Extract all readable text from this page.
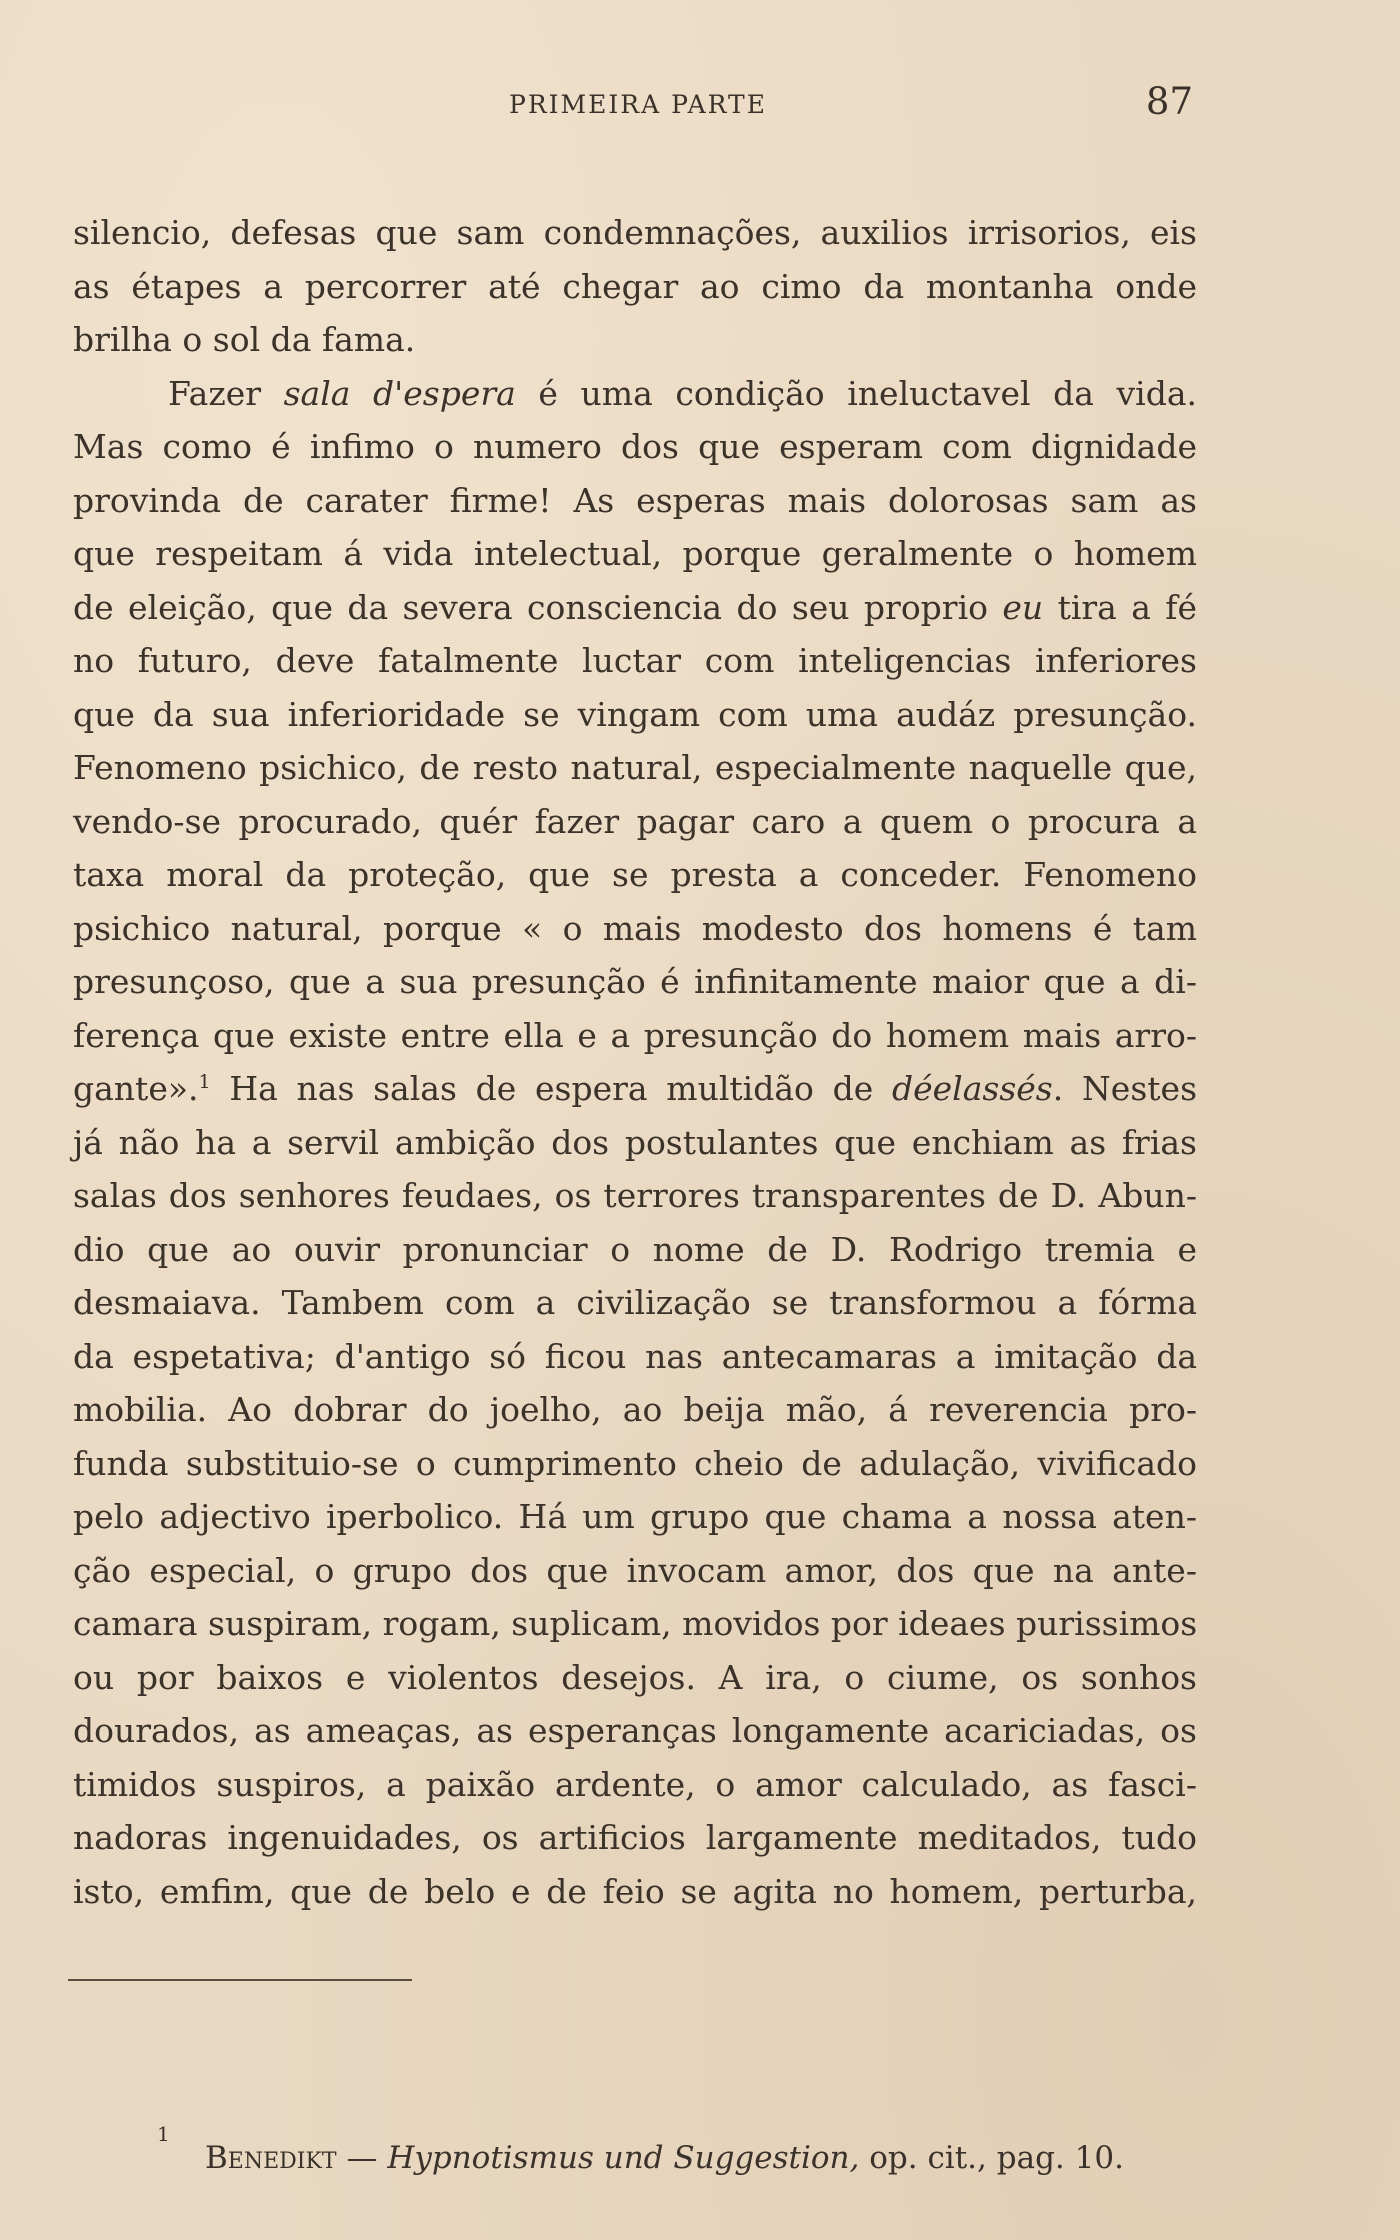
PRIMEIRA PARTE	87
silencio, defesas que sam condemnações, auxilios irrisorios, eis
as étapes a percorrer até chegar ao cimo da montanha onde
brilha o sol da fama.
Fazer sala d'espera é uma condição ineluctavel da vida.
Mas como é infimo o numero dos que esperam com dignidade
provinda de carater firme! As esperas mais dolorosas sam as
que respeitam á vida intelectual, porque geralmente o homem
de eleição, que da severa consciencia do seu proprio eu tira a fé
no futuro, deve fatalmente luctar com inteligencias inferiores
que da sua inferioridade se vingam com uma audáz presunção.
Fenomeno psichico, de resto natural, especialmente naquelle que,
vendo-se procurado, quér fazer pagar caro a quem o procura a
taxa moral da proteção, que se presta a conceder. Fenomeno
psichico natural, porque « o mais modesto dos homens é tam
presunçoso, que a sua presunção é infinitamente maior que a di-
ferença que existe entre ella e a presunção do homem mais arro-
gante».$^1$ Ha nas salas de espera multidão de déelassés. Nestes
já não ha a servil ambição dos postulantes que enchiam as frias
salas dos senhores feudaes, os terrores transparentes de D. Abun-
dio que ao ouvir pronunciar o nome de D. Rodrigo tremia e
desmaiava. Tambem com a civilização se transformou a fórma
da espetativa; d'antigo só ficou nas antecamaras a imitação da
mobilia. Ao dobrar do joelho, ao beija mão, á reverencia pro-
funda substituio-se o cumprimento cheio de adulação, vivificado
pelo adjectivo iperbolico. Há um grupo que chama a nossa aten-
ção especial, o grupo dos que invocam amor, dos que na ante-
camara suspiram, rogam, suplicam, movidos por ideaes purissimos
ou por baixos e violentos desejos. A ira, o ciume, os sonhos
dourados, as ameaças, as esperanças longamente acariciadas, os
timidos suspiros, a paixão ardente, o amor calculado, as fasci-
nadoras ingenuidades, os artificios largamente meditados, tudo
isto, emfim, que de belo e de feio se agita no homem, perturba,
1
Benedikt — Hypnotismus und Suggestion, op. cit., pag. 10.
